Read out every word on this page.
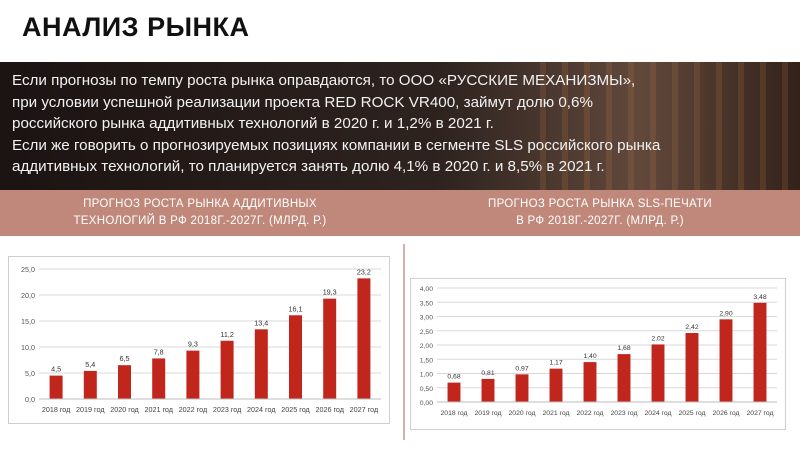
АНАЛИЗ РЫНКА
Если прогнозы по темпу роста рынка оправдаются, то ООО «РУССКИЕ МЕХАНИЗМЫ»,
при условии успешной реализации проекта RED ROCK VR400, займут долю 0,6%
российского рынка аддитивных технологий в 2020 г. и 1,2% в 2021 г.
Если же говорить о прогнозируемых позициях компании в сегменте SLS российского рынка
аддитивных технологий, то планируется занять долю 4,1% в 2020 г. и 8,5% в 2021 г.
ПРОГНОЗ РОСТА РЫНКА АДДИТИВНЫХ
ТЕХНОЛОГИЙ В РФ 2018Г.-2027Г. (МЛРД. Р.)
ПРОГНОЗ РОСТА РЫНКА SLS-ПЕЧАТИ
В РФ 2018Г.-2027Г. (МЛРД. Р.)
0,0
5,0
10,0
15,0
20,0
25,0
4,5
2018 год
5,4
2019 год
6,5
2020 год
7,8
2021 год
9,3
2022 год
11,2
2023 год
13,4
2024 год
16,1
2025 год
19,3
2026 год
23,2
2027 год
0,00
0,50
1,00
1,50
2,00
2,50
3,00
3,50
4,00
0,68
2018 год
0,81
2019 год
0,97
2020 год
1,17
2021 год
1,40
2022 год
1,68
2023 год
2,02
2024 год
2,42
2025 год
2,90
2026 год
3,48
2027 год
